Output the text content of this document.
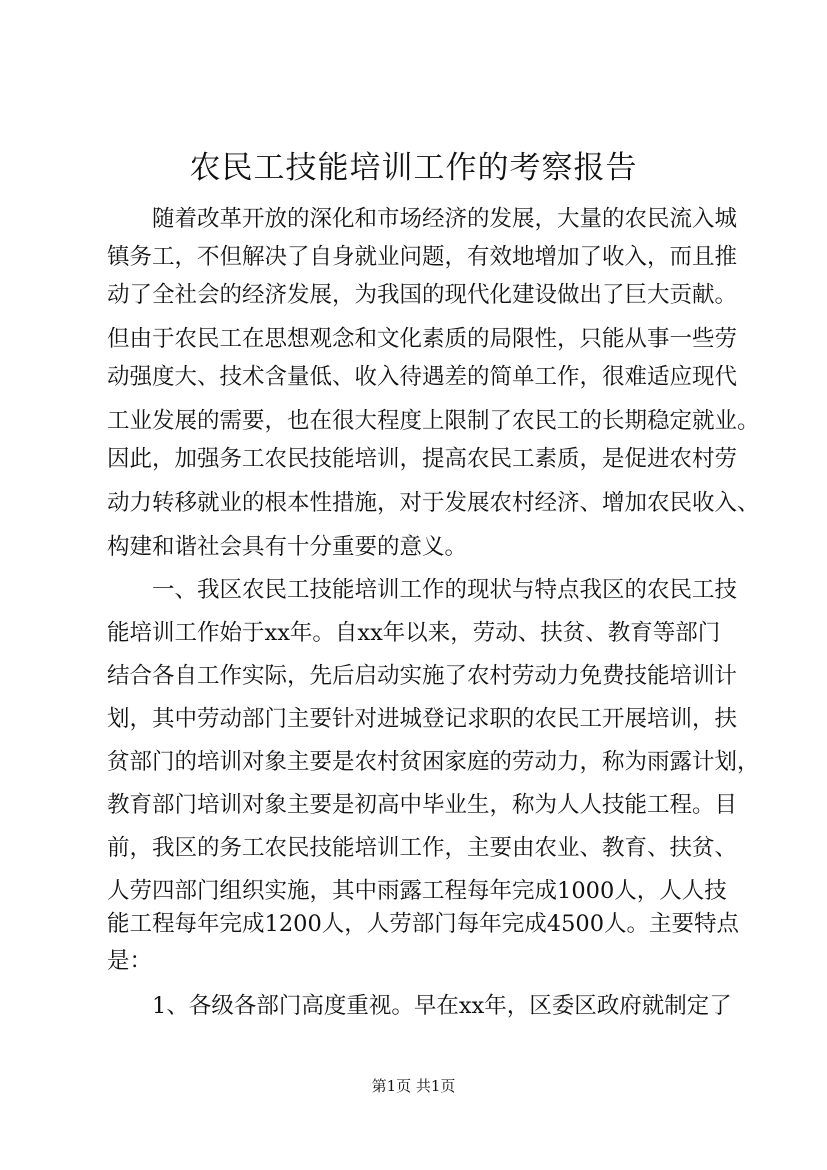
农民工技能培训工作的考察报告
随着改革开放的深化和市场经济的发展，大量的农民流入城
镇务工，不但解决了自身就业问题，有效地增加了收入，而且推
动了全社会的经济发展，为我国的现代化建设做出了巨大贡献。
但由于农民工在思想观念和文化素质的局限性，只能从事一些劳
动强度大、技术含量低、收入待遇差的简单工作，很难适应现代
工业发展的需要，也在很大程度上限制了农民工的长期稳定就业。
因此，加强务工农民技能培训，提高农民工素质，是促进农村劳
动力转移就业的根本性措施，对于发展农村经济、增加农民收入、
构建和谐社会具有十分重要的意义。
一、我区农民工技能培训工作的现状与特点我区的农民工技
能培训工作始于xx年。自xx年以来，劳动、扶贫、教育等部门
结合各自工作实际，先后启动实施了农村劳动力免费技能培训计
划，其中劳动部门主要针对进城登记求职的农民工开展培训，扶
贫部门的培训对象主要是农村贫困家庭的劳动力，称为雨露计划，
教育部门培训对象主要是初高中毕业生，称为人人技能工程。目
前，我区的务工农民技能培训工作，主要由农业、教育、扶贫、
人劳四部门组织实施，其中雨露工程每年完成1000人，人人技
能工程每年完成1200人，人劳部门每年完成4500人。主要特点
是：
1、各级各部门高度重视。早在xx年，区委区政府就制定了
第1页 共1页
